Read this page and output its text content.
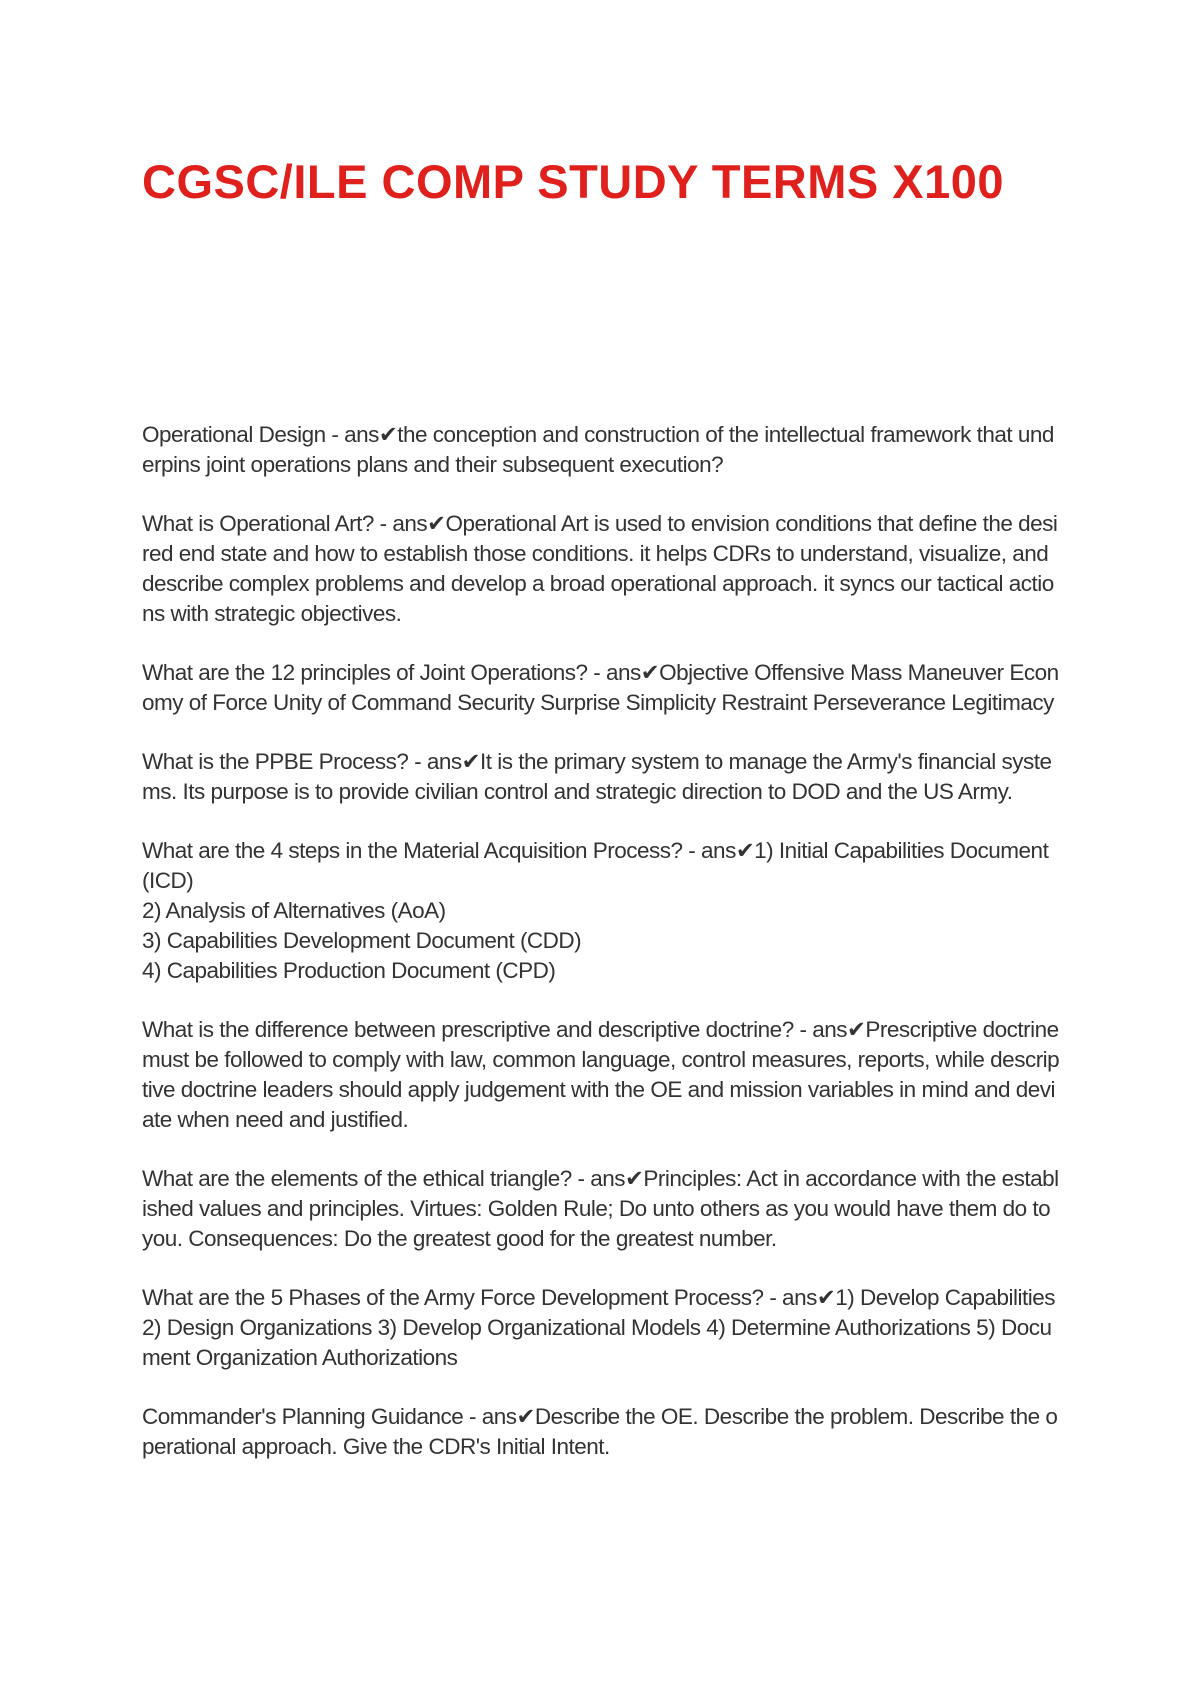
CGSC/ILE COMP STUDY TERMS X100
Operational Design - ans✔the conception and construction of the intellectual framework that underpins joint operations plans and their subsequent execution?
What is Operational Art? - ans✔Operational Art is used to envision conditions that define the desired end state and how to establish those conditions. it helps CDRs to understand, visualize, and describe complex problems and develop a broad operational approach. it syncs our tactical actions with strategic objectives.
What are the 12 principles of Joint Operations? - ans✔Objective Offensive Mass Maneuver Economy of Force Unity of Command Security Surprise Simplicity Restraint Perseverance Legitimacy
What is the PPBE Process? - ans✔It is the primary system to manage the Army's financial systems. Its purpose is to provide civilian control and strategic direction to DOD and the US Army.
What are the 4 steps in the Material Acquisition Process? - ans✔1) Initial Capabilities Document (ICD)
2) Analysis of Alternatives (AoA)
3) Capabilities Development Document (CDD)
4) Capabilities Production Document (CPD)
What is the difference between prescriptive and descriptive doctrine? - ans✔Prescriptive doctrine must be followed to comply with law, common language, control measures, reports, while descriptive doctrine leaders should apply judgement with the OE and mission variables in mind and deviate when need and justified.
What are the elements of the ethical triangle? - ans✔Principles: Act in accordance with the established values and principles. Virtues: Golden Rule; Do unto others as you would have them do to you. Consequences: Do the greatest good for the greatest number.
What are the 5 Phases of the Army Force Development Process? - ans✔1) Develop Capabilities 2) Design Organizations 3) Develop Organizational Models 4) Determine Authorizations 5) Document Organization Authorizations
Commander's Planning Guidance - ans✔Describe the OE. Describe the problem. Describe the operational approach. Give the CDR's Initial Intent.
